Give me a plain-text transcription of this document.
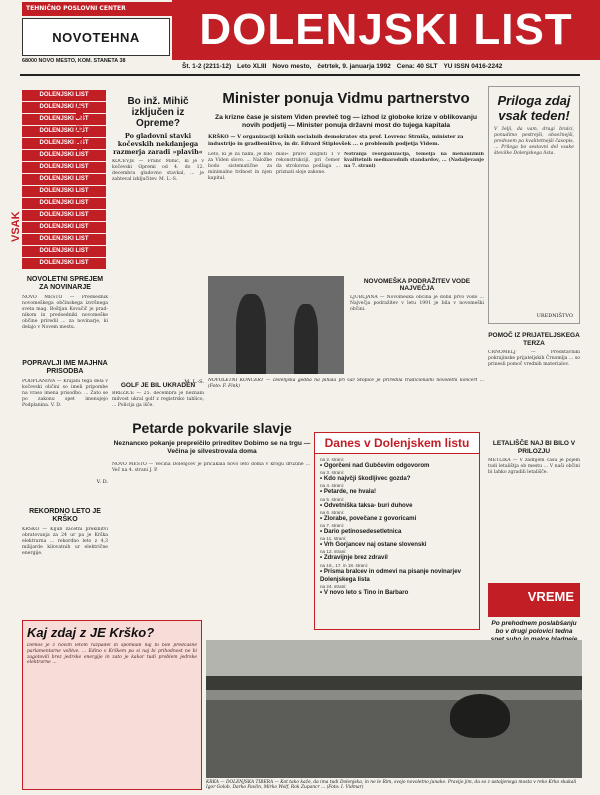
TEHNIČNO POSLOVNI CENTER
NOVOTEHNA
68000 NOVO MESTO, KOM. STANETA 38
DOLENJSKI LIST
Št. 1-2 (2211-12) Leto XLIII Novo mesto, četrtek, 9. januarja 1992 Cena: 40 SLT YU ISSN 0416-2242
DOLENJSKI LIST
DOLENJSKI LIST
DOLENJSKI LIST
DOLENJSKI LIST
DOLENJSKI LIST
DOLENJSKI LIST
DOLENJSKI LIST
DOLENJSKI LIST
DOLENJSKI LIST
DOLENJSKI LIST
DOLENJSKI LIST
DOLENJSKI LIST
DOLENJSKI LIST
DOLENJSKI LIST
DOLENJSKI LIST
ČETRTEK
VSAK
NOVOLETNI SPREJEM ZA NOVINARJE
NOVO MESTO — Predsednik novomeškega občinskega izvršnega sveta mag. Boštjan Kovačič je pradnikom in predsedniki novomeške občine priredil ... za novinarje, ki delajo v Novem mestu.
POPRAVLJI IME MAJHNA PRISODBA
PODPLANINA — Krajani tega dela v kočevski občini so imeli pripombe na vraso imena prisodbo. ... Zato se po zakonu spet imenujejo Podplanina. V. D.
V. D.
REKORDNO LETO JE KRŠKO
KRŠKO — Kljub začetni prekinitvi obratovanja za 24 ur pa je Krška elektrarna ... rekordno leto z 4,3 milijarde kilovatnih ur električne energije.
Bo inž. Mihič izključen iz Opreme?
Po gladovni stavki kočevskih nekdanjega razmerja zaradi »plavih«
KOČEVJE — Franc Mihič, ki je v kočevski Opremi od 4. do 12. decembra gladovno stavkal, ... je zahteval izključitev. M. L.-S.
M. L.-S.
GOLF JE BIL UKRADEN
BREŽICE — 25. decembra je neznani milvost ukral golf z registrsko tablico, ... Policija ga išče.
Minister ponuja Vidmu partnerstvo
Za krizne čase je sistem Viden prevleč tog — izhod iz globoke krize v oblikovanju novih podjetij — Minister ponuja državni most do tujega kapitala
KRŠKO — V organizaciji krških socialnih demokratov sta prof. Lovrenc Strniša, minister za industrijo in gradbeništvo, in dr. Edvard Stiplovšek ... o problemih podjetja Videm.
Leto, ki je za nami, je bilo za Viden slovo. ... Naložbe bodo sistematične za minimalno trdnost in njen kapital.
mali« pravo izogniti 1 v rekonstrukciji, pri čemer da strokovna podlaga ... priznati sloje zakone.
Notranja reorganizacija, temelja na mehanizmih kvalitetnih mednarodnih standardov, ... (Nadaljevanje na 7. strani)
NOVOLETNI KONCERT — Dolenjska godba na pihala pri GD Stopiče je priredila tradicionalni novoletni koncert ... (Foto: F. Fink)
NOVOMEŠKA PODRAŽITEV VODE NAJVEČJA
LJUBLJANA — Novomeška občina je dobil prvo vodo ... Največja podražitev v letu 1991 je bila v novomeški občini.
Priloga zdaj vsak teden!
V želji, da vam, dragi bralci, ponudimo pestrejši, obsežnejši, predvsem pa kvalitetnejši časopis, ... Priloga bo sestavni del vsake številke Dolenjskega lista.
UREDNIŠTVO
POMOČ IZ PRIJATELJSKEGA TERZA
ČRNOMELJ — Predstavniki pokrajinske prijateljskih Črnomlja ... so prinesli pomoč vrednih materialov.
LETALIŠČE NAJ BI BILO V PRILOZJU
METLIKA — V zadnjem času je pojem tudi letalištja ob mestu ... V naši občini bi lahko zgradili letališče.
VREME
Po prehodnem poslabšanju bo v drugi polovici tedna
Petarde pokvarile slavje
Neznanско pokanje prepreičilo prireditev Dobimo se na trgu — Večina je silvestrovala doma
NOVO MESTO — Večina Dolenjcev je pričakala novo leto doma v krogu družine ... Več na 4. strani J. P.
Danes v Dolenjskem listu
na 2. strani:
• Ogorčeni nad Gubčevim odgovorom
na 3. strani:
• Kdo najvčji škodljivec gozda?
na 4. strani:
• Petarde, ne hvala!
na 5. strani:
• Odvetniška taksa- buri duhove
na 6. strani:
• Zlorabe, povečane z govoricami
na 7. strani:
• Dario petinosedesetletnica
na 11. strani:
• Vrh Gorjancev naj ostane slovenski
na 12. strani:
• Zdravijnje brez zdravil
na 16., 17. in 18. strani:
• Prisma bralcev in odmevi na pisanje novinarjev Dolenjskega lista
na 24. strani:
• V novo leto s Tino in Barbaro
Kaj zdaj z JE Krško?
Demos je z novim letom razpadel in spomladi naj bi bile predčasne parlamentarne volitve. ... Edino v Krškem pa si naj bi prihodnost ne bi zagotovili brez jedrske energije in zato je kakor tudi problem jedrske elektrarne ...
KRKA — DOLENJSKA TIBERA — Kot tako kaže, da ima tudi Dolenjska, in ne le Rim, svojo novoletno junake. Pravijo jim, da so z ustaljenega mosta v reko Krko skakali Igor Golob, Darko Pavlin, Mirko Wolf, Rok Zupancr ... (Foto: I. Vidmar)
